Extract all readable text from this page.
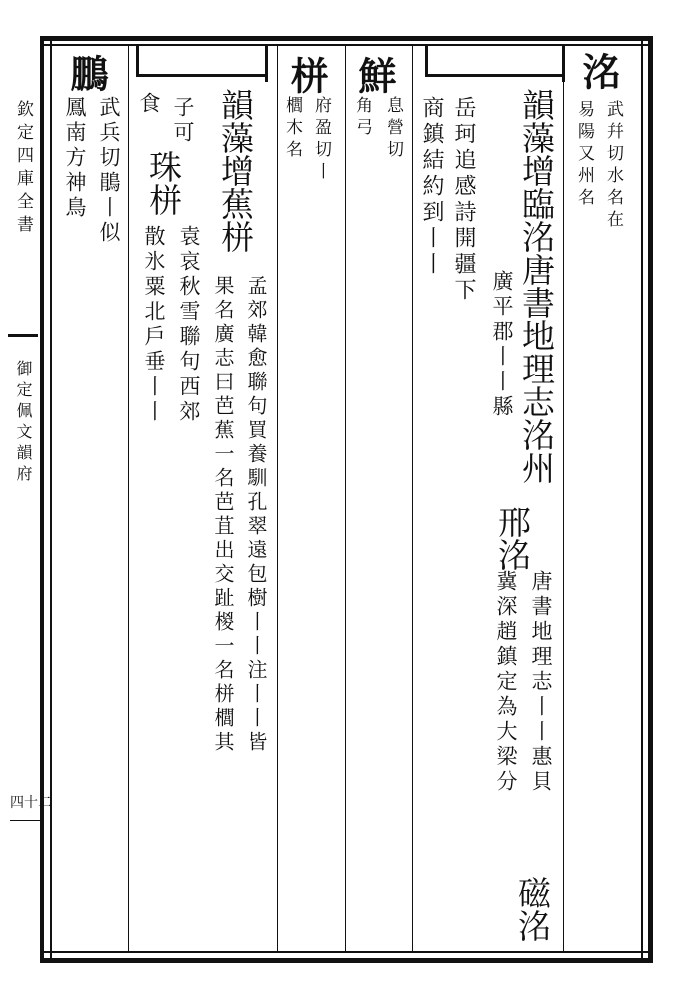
欽定四庫全書
御定佩文韻府
四十二
洺
武幷切水名在
易陽又州名
韻藻增臨洺唐書地理志洺州
廣平郡丨丨縣
邢洺
唐書地理志丨丨惠貝
冀深趙鎮定為大梁分
磁洺
岳珂追感詩開疆下
商鎮結約到丨丨
鮮
息營切
角弓
栟
府盈切丨
櫚木名
韻藻增蕉栟
孟郊韓愈聯句買養馴孔翠遠包樹丨丨注丨丨皆
果名廣志曰芭蕉一名芭苴出交趾椶一名栟櫚其
子可
珠栟
食
袁哀秋雪聯句西郊
散氷粟北戶垂丨丨
鵬
武兵切鵑丨似
鳳南方神鳥
